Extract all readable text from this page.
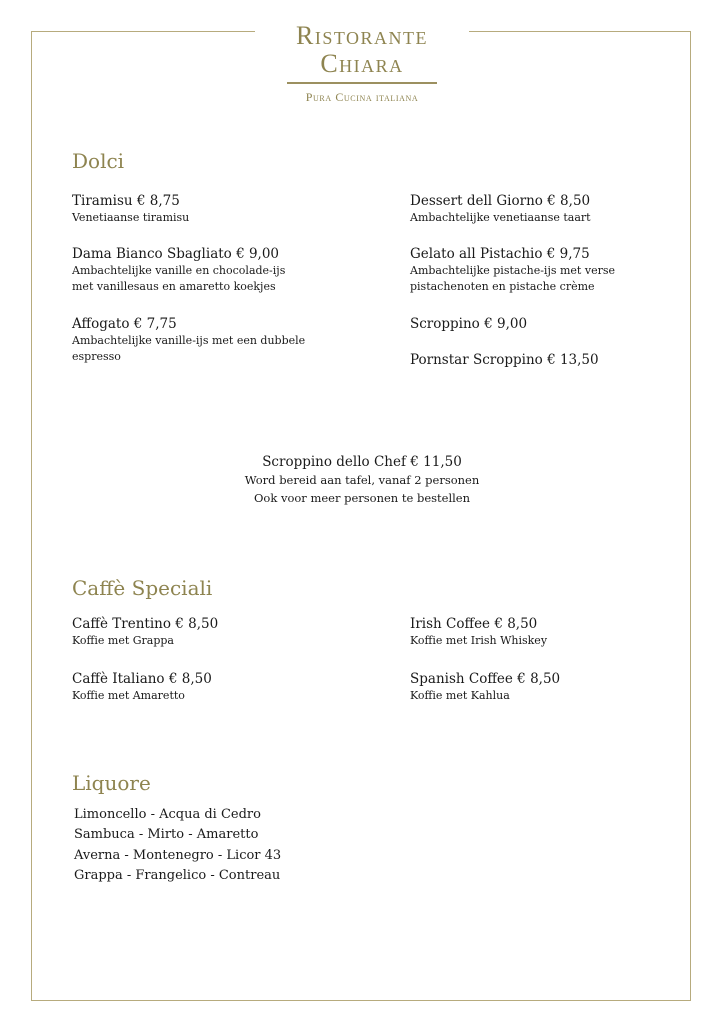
Ristorante
Chiara
Pura Cucina italiana
Dolci
Tiramisu € 8,75
Venetiaanse tiramisu
Dessert dell Giorno € 8,50
Ambachtelijke venetiaanse taart
Dama Bianco Sbagliato € 9,00
Ambachtelijke vanille en chocolade-ijs
met vanillesaus en amaretto koekjes
Gelato all Pistachio € 9,75
Ambachtelijke pistache-ijs met verse
pistachenoten en pistache crème
Affogato € 7,75
Ambachtelijke vanille-ijs met een dubbele
espresso
Scroppino € 9,00
Pornstar Scroppino € 13,50
Scroppino dello Chef € 11,50
Word bereid aan tafel, vanaf 2 personen
Ook voor meer personen te bestellen
Caffè Speciali
Caffè Trentino € 8,50
Koffie met Grappa
Irish Coffee € 8,50
Koffie met Irish Whiskey
Caffè Italiano € 8,50
Koffie met Amaretto
Spanish Coffee € 8,50
Koffie met Kahlua
Liquore
Limoncello - Acqua di Cedro
Sambuca - Mirto - Amaretto
Averna - Montenegro - Licor 43
Grappa - Frangelico - Contreau
